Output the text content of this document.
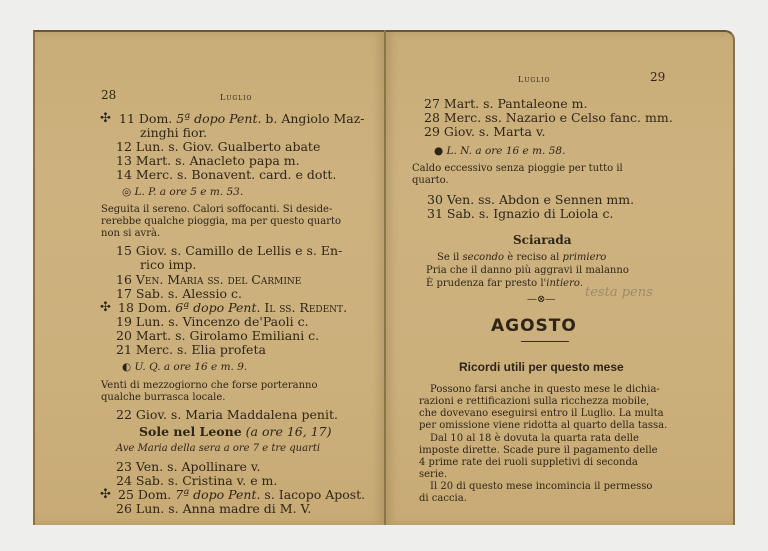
28	Luglio
✣ 11 Dom. 5ª dopo Pent. b. Angiolo Maz-
zinghi fior.
12 Lun. s. Giov. Gualberto abate
13 Mart. s. Anacleto papa m.
14 Merc. s. Bonavent. card. e dott.
◎ L. P. a ore 5 e m. 53.
Seguita il sereno. Calori soffocanti. Si deside-
rerebbe qualche pioggia, ma per questo quarto
non si avrà.
15 Giov. s. Camillo de Lellis e s. En-
rico imp.
16 Ven. Maria ss. del Carmine
17 Sab. s. Alessio c.
✣ 18 Dom. 6ª dopo Pent. Il ss. Redent.
19 Lun. s. Vincenzo de'Paoli c.
20 Mart. s. Girolamo Emiliani c.
21 Merc. s. Elia profeta
◐ U. Q. a ore 16 e m. 9.
Venti di mezzogiorno che forse porteranno
qualche burrasca locale.
22 Giov. s. Maria Maddalena penit.
Sole nel Leone (a ore 16, 17)
Ave Maria della sera a ore 7 e tre quarti
23 Ven. s. Apollinare v.
24 Sab. s. Cristina v. e m.
✣ 25 Dom. 7ª dopo Pent. s. Iacopo Apost.
26 Lun. s. Anna madre di M. V.
Luglio	29
27 Mart. s. Pantaleone m.
28 Merc. ss. Nazario e Celso fanc. mm.
29 Giov. s. Marta v.
● L. N. a ore 16 e m. 58.
Caldo eccessivo senza pioggie per tutto il
quarto.
30 Ven. ss. Abdon e Sennen mm.
31 Sab. s. Ignazio di Loiola c.
Sciarada
Se il secondo è reciso al primiero
Pria che il danno più aggravi il malanno
È prudenza far presto l'intiero.
—⊗— testa pens
AGOSTO
Ricordi utili per questo mese
Possono farsi anche in questo mese le dichia-
razioni e rettificazioni sulla ricchezza mobile,
che dovevano eseguirsi entro il Luglio. La multa
per omissione viene ridotta al quarto della tassa.
Dal 10 al 18 è dovuta la quarta rata delle
imposte dirette. Scade pure il pagamento delle
4 prime rate dei ruoli suppletivi di seconda
serie.
Il 20 di questo mese incomincia il permesso
di caccia.
